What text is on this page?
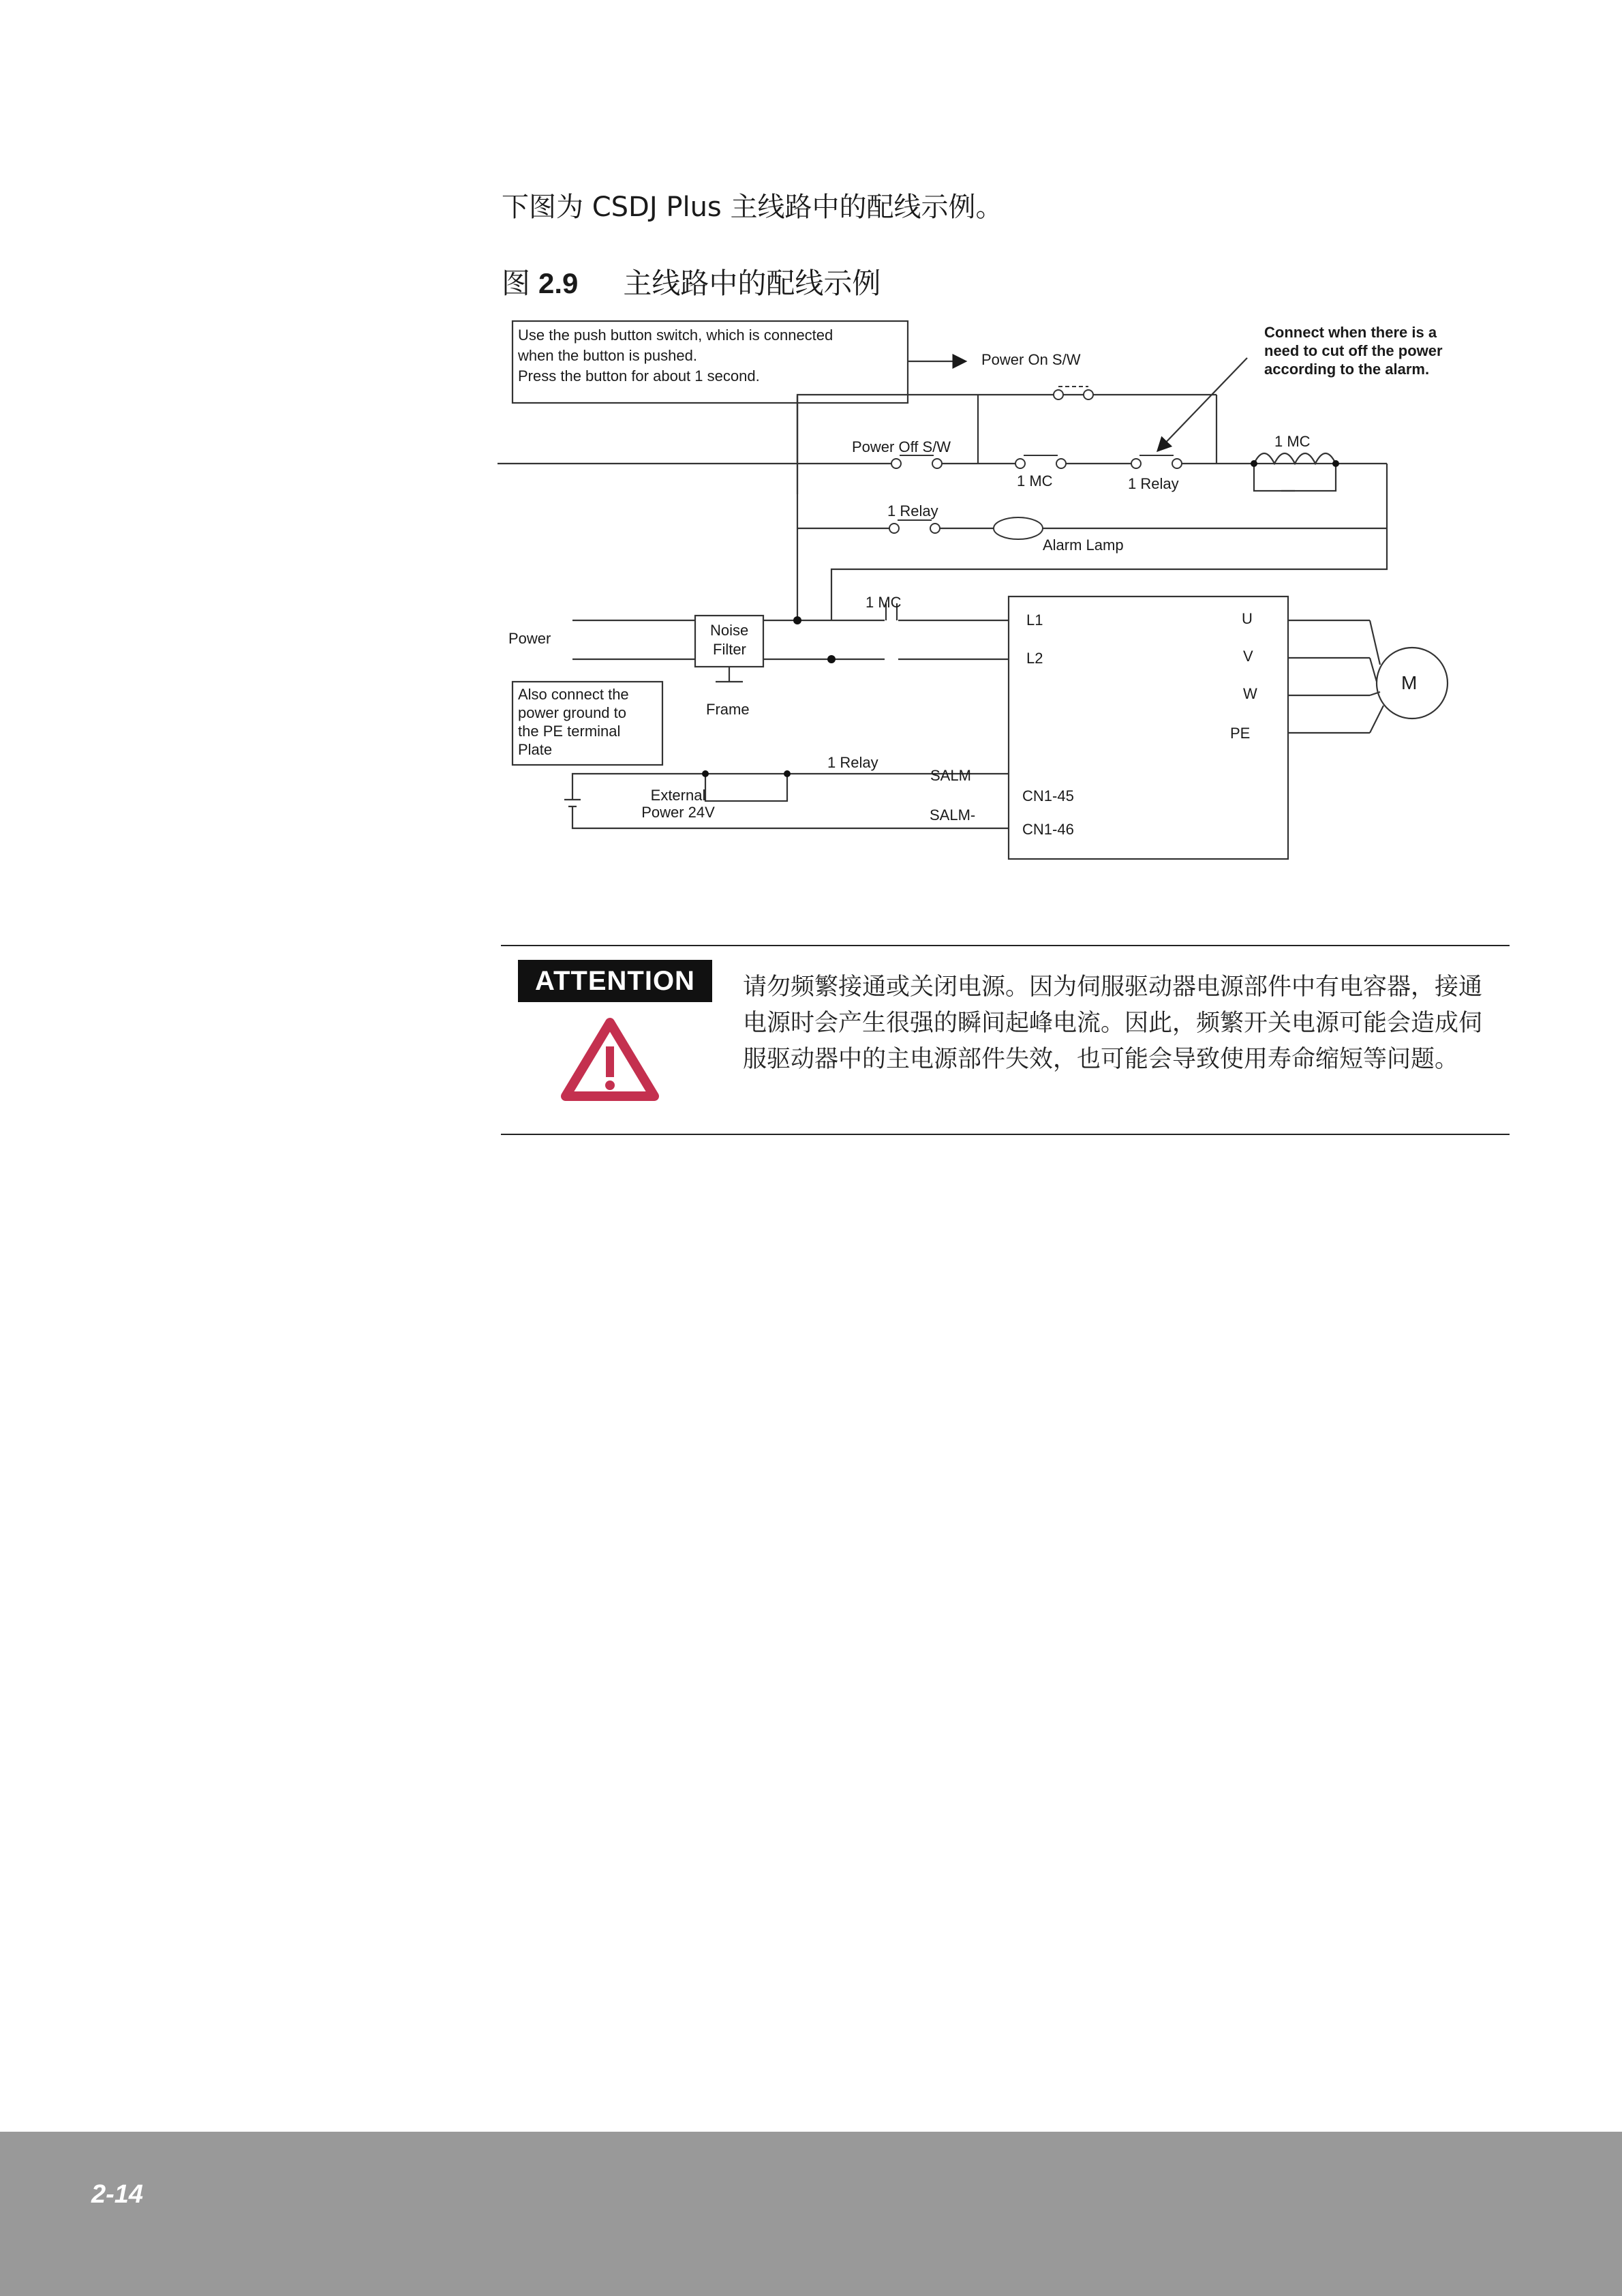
下图为 CSDJ Plus 主线路中的配线示例。
图 2.9 主线路中的配线示例
Use the push button switch, which is connected
when the button is pushed.
Press the button for about 1 second.
Power On S/W
Power Off S/W
Connect when there is a
need to cut off the power
according to the alarm.
1 MC
1 MC	1 Relay
1 Relay
Alarm Lamp
1 MC
Power	Noise
Filter
Frame
Also connect the
power ground to
the PE terminal
Plate
L1
L2
U
V
W
PE
M
External
Power 24V
1 Relay
SALM
SALM-
CN1-45
CN1-46
ATTENTION	请勿频繁接通或关闭电源。因为伺服驱动器电源部件中有电容器，接通电源时会产生很强的瞬间起峰电流。因此，频繁开关电源可能会造成伺服驱动器中的主电源部件失效，也可能会导致使用寿命缩短等问题。
2-14
